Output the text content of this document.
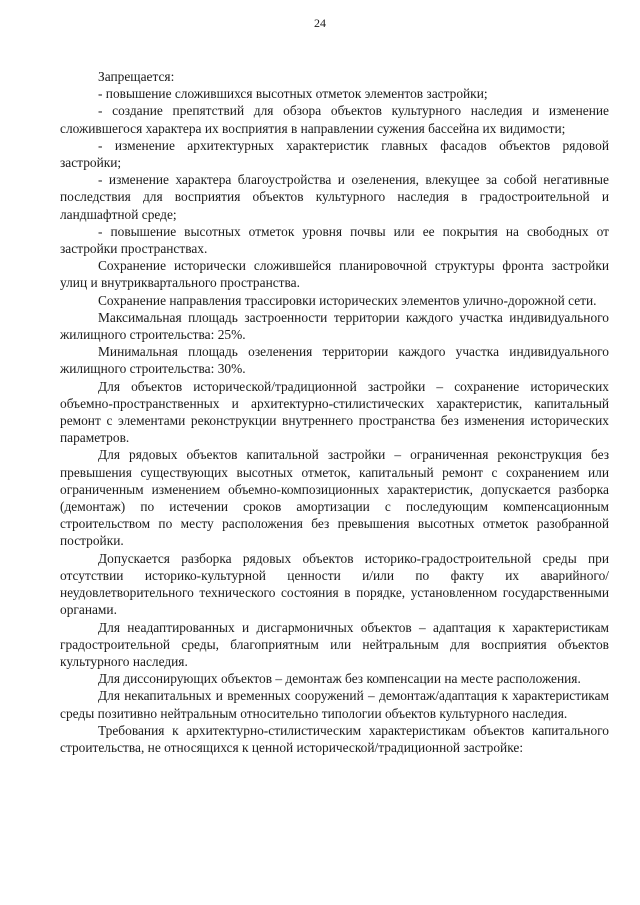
24

Запрещается:

- повышение сложившихся высотных отметок элементов застройки;

- создание препятствий для обзора объектов культурного наследия и изменение сложившегося характера их восприятия в направлении сужения бассейна их видимости;

- изменение архитектурных характеристик главных фасадов объектов рядовой застройки;

- изменение характера благоустройства и озеленения, влекущее за собой негативные последствия для восприятия объектов культурного наследия в градостроительной и ландшафтной среде;

- повышение высотных отметок уровня почвы или ее покрытия на свободных от застройки пространствах.

Сохранение исторически сложившейся планировочной структуры фронта застройки улиц и внутриквартального пространства.

Сохранение направления трассировки исторических элементов улично-дорожной сети.

Максимальная площадь застроенности территории каждого участка индивидуального жилищного строительства: 25%.

Минимальная площадь озеленения территории каждого участка индивидуального жилищного строительства: 30%.

Для объектов исторической/традиционной застройки – сохранение исторических объемно-пространственных и архитектурно-стилистических характеристик, капитальный ремонт с элементами реконструкции внутреннего пространства без изменения исторических параметров.

Для рядовых объектов капитальной застройки – ограниченная реконструкция без превышения существующих высотных отметок, капитальный ремонт с сохранением или ограниченным изменением объемно-композиционных характеристик, допускается разборка (демонтаж) по истечении сроков амортизации с последующим компенсационным строительством по месту расположения без превышения высотных отметок разобранной постройки.

Допускается разборка рядовых объектов историко-градостроительной среды при отсутствии историко-культурной ценности и/или по факту их аварийного/неудовлетворительного технического состояния в порядке, установленном государственными органами.

Для неадаптированных и дисгармоничных объектов – адаптация к характеристикам градостроительной среды, благоприятным или нейтральным для восприятия объектов культурного наследия.

Для диссонирующих объектов – демонтаж без компенсации на месте расположения.

Для некапитальных и временных сооружений – демонтаж/адаптация к характеристикам среды позитивно нейтральным относительно типологии объектов культурного наследия.

Требования к архитектурно-стилистическим характеристикам объектов капитального строительства, не относящихся к ценной исторической/традиционной застройке:
